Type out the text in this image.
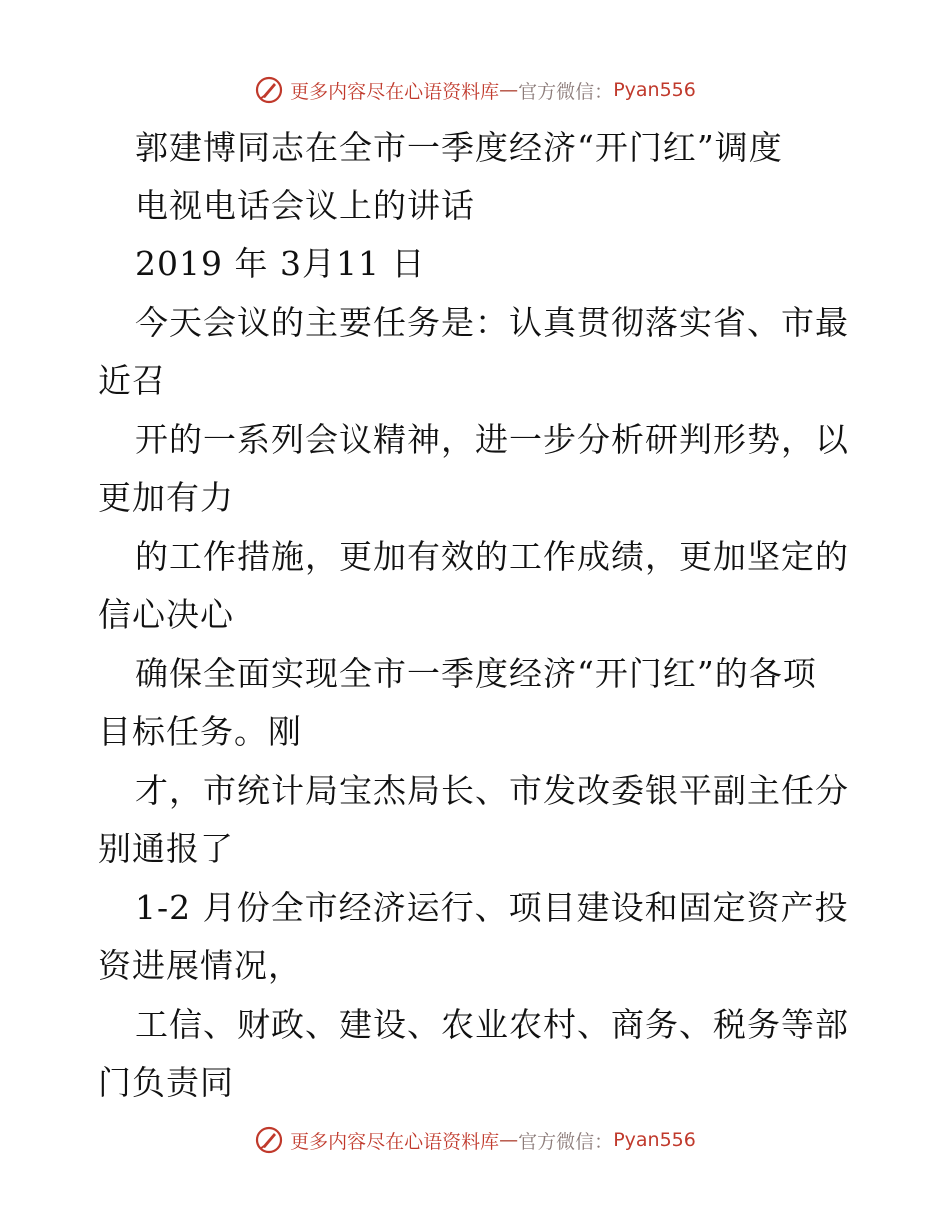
更多内容尽在心语资料库 — 官方微信： Pyan556
郭建博同志在全市一季度经济“开门红”调度
电视电话会议上的讲话
2019 年 3月11 日
今天会议的主要任务是：认真贯彻落实省、市最
近召
开的一系列会议精神，进一步分析研判形势，以
更加有力
的工作措施，更加有效的工作成绩，更加坚定的
信心决心
确保全面实现全市一季度经济“开门红”的各项
目标任务。刚
才，市统计局宝杰局长、市发改委银平副主任分
别通报了
1-2 月份全市经济运行、项目建设和固定资产投
资进展情况，
工信、财政、建设、农业农村、商务、税务等部
门负责同
更多内容尽在心语资料库 — 官方微信： Pyan556
